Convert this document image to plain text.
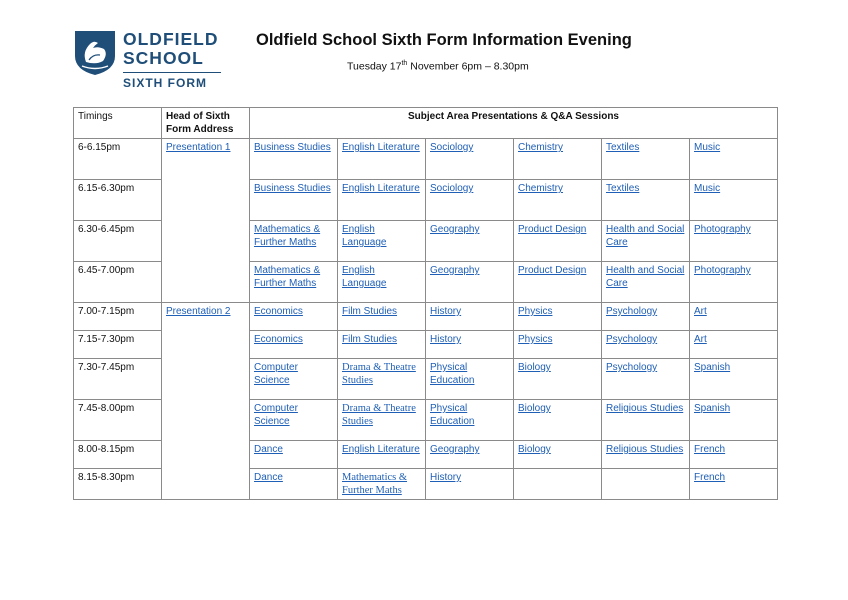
OLDFIELD
SCHOOL
SIXTH FORM
Oldfield School Sixth Form Information Evening
Tuesday 17th November 6pm – 8.30pm
Timings	Head of Sixth Form Address	Subject Area Presentations & Q&A Sessions					
6-6.15pm	Presentation 1	Business Studies	English Literature	Sociology	Chemistry	Textiles	Music
6.15-6.30pm		Business Studies	English Literature	Sociology	Chemistry	Textiles	Music
6.30-6.45pm		Mathematics & Further Maths	English Language	Geography	Product Design	Health and Social Care	Photography
6.45-7.00pm		Mathematics & Further Maths	English Language	Geography	Product Design	Health and Social Care	Photography
7.00-7.15pm	Presentation 2	Economics	Film Studies	History	Physics	Psychology	Art
7.15-7.30pm		Economics	Film Studies	History	Physics	Psychology	Art
7.30-7.45pm		Computer Science	Drama & Theatre Studies	Physical Education	Biology	Psychology	Spanish
7.45-8.00pm		Computer Science	Drama & Theatre Studies	Physical Education	Biology	Religious Studies	Spanish
8.00-8.15pm		Dance	English Literature	Geography	Biology	Religious Studies	French
8.15-8.30pm		Dance	Mathematics & Further Maths	History			French
